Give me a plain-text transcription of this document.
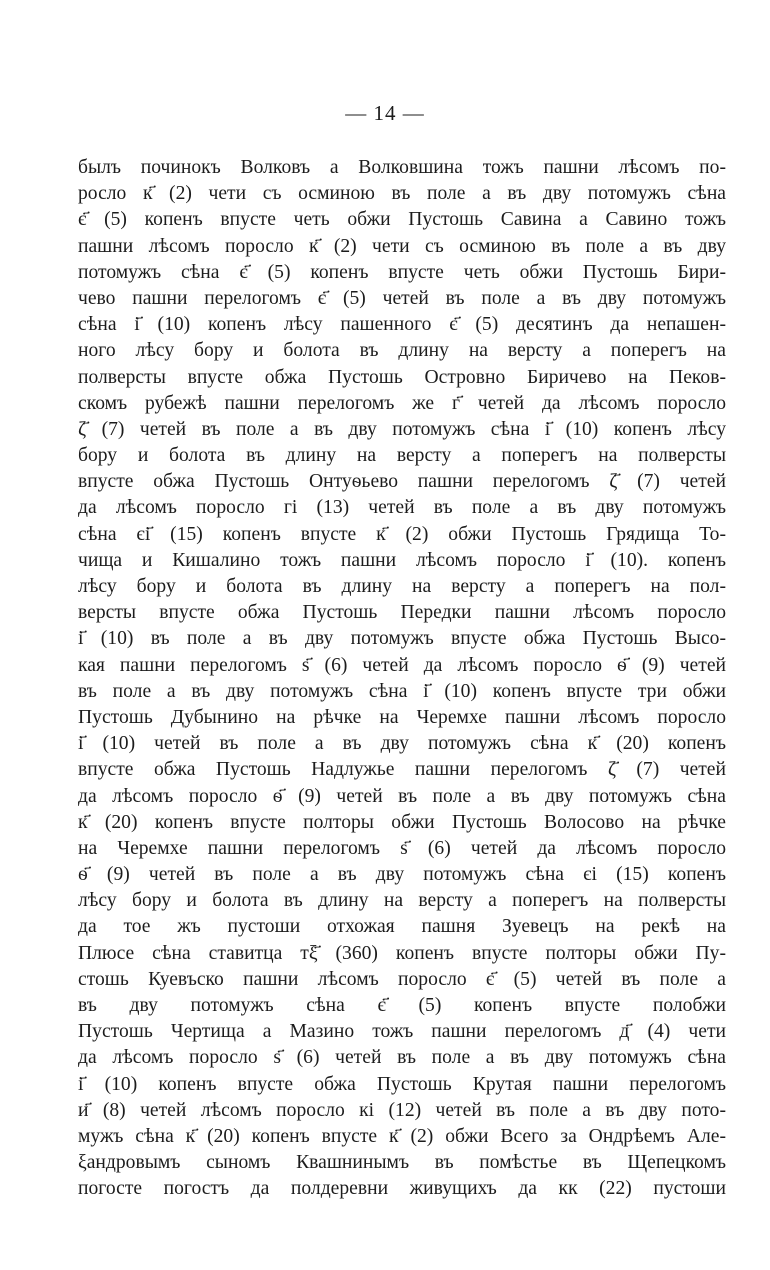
— 14 —
былъ починокъ Волковъ а Волковшина тожъ пашни лѣсомъ по-
росло к҃ (2) чети съ осминою въ поле а въ дву потомужъ сѣна
є҃ (5) копенъ впусте четь обжи Пустошь Савина а Савино тожъ
пашни лѣсомъ поросло к҃ (2) чети съ осминою въ поле а въ дву
потомужъ сѣна є҃ (5) копенъ впусте четь обжи Пустошь Бири-
чево пашни перелогомъ є҃ (5) четей въ поле а въ дву потомужъ
сѣна і҃ (10) копенъ лѣсу пашенного є҃ (5) десятинъ да непашен-
ного лѣсу бору и болота въ длину на версту а поперегъ на
полверсты впусте обжа Пустошь Островно Биричево на Пеков-
скомъ рубежѣ пашни перелогомъ же г҃ четей да лѣсомъ поросло
ζ҃ (7) четей въ поле а въ дву потомужъ сѣна і҃ (10) копенъ лѣсу
бору и болота въ длину на версту а поперегъ на полверсты
впусте обжа Пустошь Онтуѳьево пашни перелогомъ ζ҃ (7) четей
да лѣсомъ поросло гі (13) четей въ поле а въ дву потомужъ
сѣна єі҃ (15) копенъ впусте к҃ (2) обжи Пустошь Грядища То-
чища и Кишалино тожъ пашни лѣсомъ поросло і҃ (10). копенъ
лѣсу бору и болота въ длину на версту а поперегъ на пол-
версты впусте обжа Пустошь Передки пашни лѣсомъ поросло
і҃ (10) въ поле а въ дву потомужъ впусте обжа Пустошь Высо-
кая пашни перелогомъ ѕ҃ (6) четей да лѣсомъ поросло ѳ҃ (9) четей
въ поле а въ дву потомужъ сѣна і҃ (10) копенъ впусте три обжи
Пустошь Дубынино на рѣчке на Черемхе пашни лѣсомъ поросло
і҃ (10) четей въ поле а въ дву потомужъ сѣна к҃ (20) копенъ
впусте обжа Пустошь Надлужье пашни перелогомъ ζ҃ (7) четей
да лѣсомъ поросло ѳ҃ (9) четей въ поле а въ дву потомужъ сѣна
к҃ (20) копенъ впусте полторы обжи Пустошь Волосово на рѣчке
на Черемхе пашни перелогомъ ѕ҃ (6) четей да лѣсомъ поросло
ѳ҃ (9) четей въ поле а въ дву потомужъ сѣна єі (15) копенъ
лѣсу бору и болота въ длину на версту а поперегъ на полверсты
да тое жъ пустоши отхожая пашня Зуевецъ на рекѣ на
Плюсе сѣна ставитца тξ҃ (360) копенъ впусте полторы обжи Пу-
стошь Куевъско пашни лѣсомъ поросло є҃ (5) четей въ поле а
въ дву потомужъ сѣна є҃ (5) копенъ впусте полобжи
Пустошь Чертища а Мазино тожъ пашни перелогомъ д҃ (4) чети
да лѣсомъ поросло ѕ҃ (6) четей въ поле а въ дву потомужъ сѣна
і҃ (10) копенъ впусте обжа Пустошь Крутая пашни перелогомъ
и҃ (8) четей лѣсомъ поросло кі (12) четей въ поле а въ дву пото-
мужъ сѣна к҃ (20) копенъ впусте к҃ (2) обжи Всего за Ондрѣемъ Але-
ξандровымъ сыномъ Квашнинымъ въ помѣстье въ Щепецкомъ
погосте погостъ да полдеревни живущихъ да кк (22) пустоши
